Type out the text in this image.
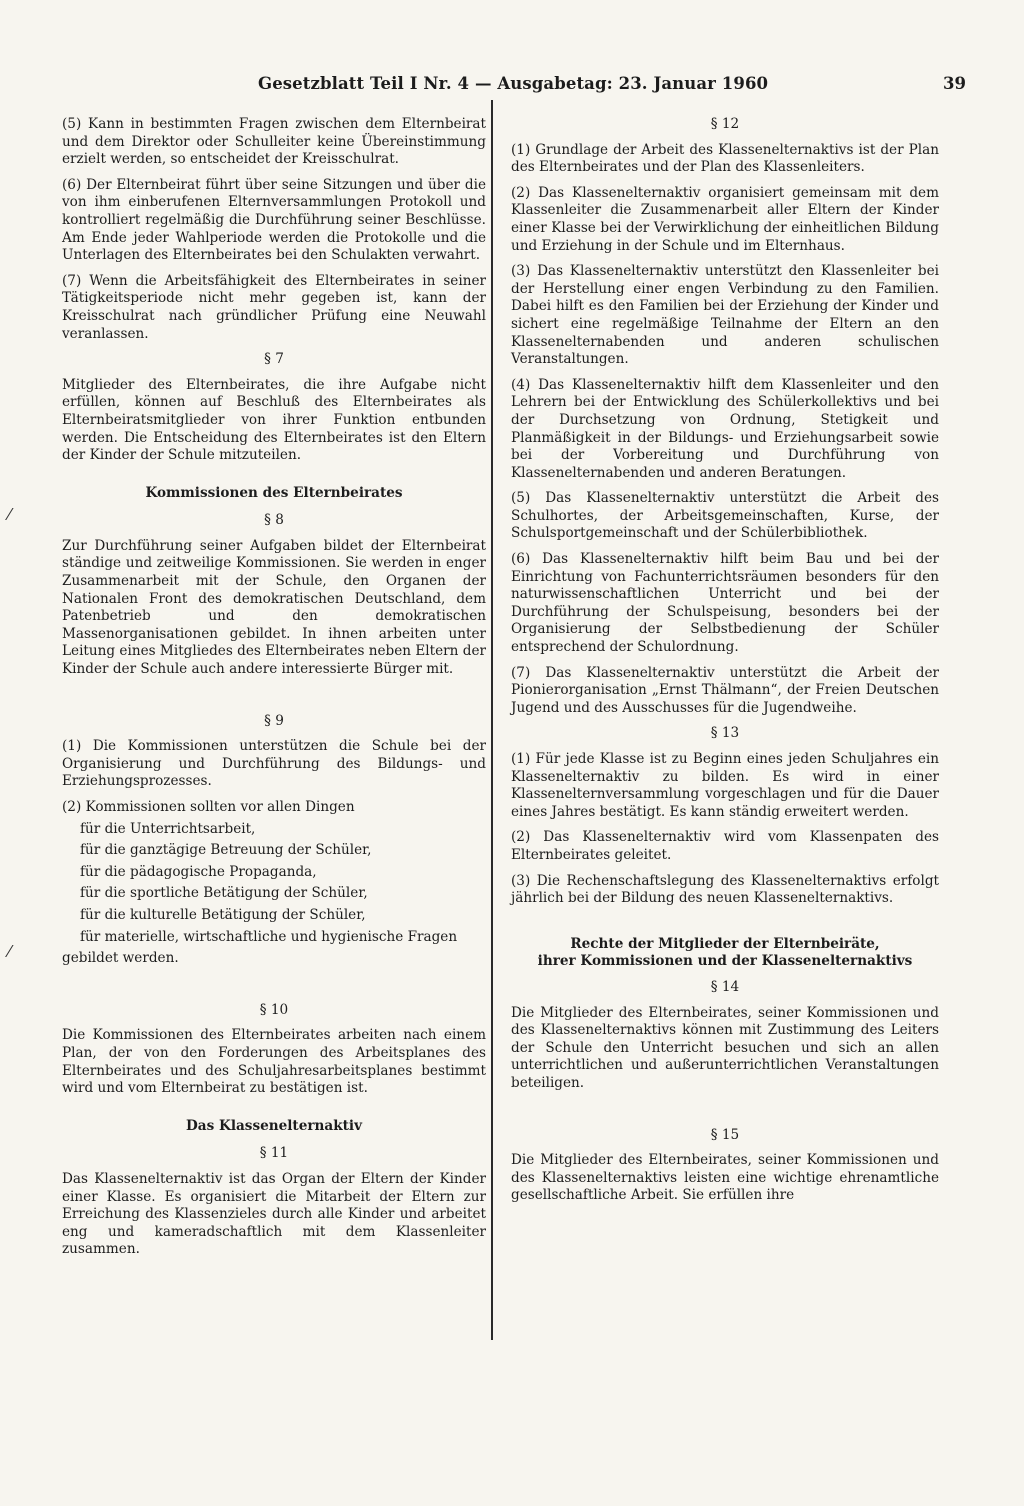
Gesetzblatt Teil I Nr. 4 — Ausgabetag: 23. Januar 1960	39
⁄
⁄

(5) Kann in bestimmten Fragen zwischen dem Elternbeirat und dem Direktor oder Schulleiter keine Übereinstimmung erzielt werden, so entscheidet der Kreisschulrat.

(6) Der Elternbeirat führt über seine Sitzungen und über die von ihm einberufenen Elternversammlungen Protokoll und kontrolliert regelmäßig die Durchführung seiner Beschlüsse. Am Ende jeder Wahlperiode werden die Protokolle und die Unterlagen des Elternbeirates bei den Schulakten verwahrt.

(7) Wenn die Arbeitsfähigkeit des Elternbeirates in seiner Tätigkeitsperiode nicht mehr gegeben ist, kann der Kreisschulrat nach gründlicher Prüfung eine Neuwahl veranlassen.

§ 7

Mitglieder des Elternbeirates, die ihre Aufgabe nicht erfüllen, können auf Beschluß des Elternbeirates als Elternbeiratsmitglieder von ihrer Funktion entbunden werden. Die Entscheidung des Elternbeirates ist den Eltern der Kinder der Schule mitzuteilen.

Kommissionen des Elternbeirates
§ 8

Zur Durchführung seiner Aufgaben bildet der Elternbeirat ständige und zeitweilige Kommissionen. Sie werden in enger Zusammenarbeit mit der Schule, den Organen der Nationalen Front des demokratischen Deutschland, dem Patenbetrieb und den demokratischen Massenorganisationen gebildet. In ihnen arbeiten unter Leitung eines Mitgliedes des Elternbeirates neben Eltern der Kinder der Schule auch andere interessierte Bürger mit.

§ 9

(1) Die Kommissionen unterstützen die Schule bei der Organisierung und Durchführung des Bildungs- und Erziehungsprozesses.

(2) Kommissionen sollten vor allen Dingen

für die Unterrichtsarbeit,
für die ganztägige Betreuung der Schüler,
für die pädagogische Propaganda,
für die sportliche Betätigung der Schüler,
für die kulturelle Betätigung der Schüler,
für materielle, wirtschaftliche und hygienische Fragen

gebildet werden.

§ 10

Die Kommissionen des Elternbeirates arbeiten nach einem Plan, der von den Forderungen des Arbeitsplanes des Elternbeirates und des Schuljahresarbeitsplanes bestimmt wird und vom Elternbeirat zu bestätigen ist.

Das Klassenelternaktiv
§ 11

Das Klassenelternaktiv ist das Organ der Eltern der Kinder einer Klasse. Es organisiert die Mitarbeit der Eltern zur Erreichung des Klassenzieles durch alle Kinder und arbeitet eng und kameradschaftlich mit dem Klassenleiter zusammen.

§ 12

(1) Grundlage der Arbeit des Klassenelternaktivs ist der Plan des Elternbeirates und der Plan des Klassenleiters.

(2) Das Klassenelternaktiv organisiert gemeinsam mit dem Klassenleiter die Zusammenarbeit aller Eltern der Kinder einer Klasse bei der Verwirklichung der einheitlichen Bildung und Erziehung in der Schule und im Elternhaus.

(3) Das Klassenelternaktiv unterstützt den Klassenleiter bei der Herstellung einer engen Verbindung zu den Familien. Dabei hilft es den Familien bei der Erziehung der Kinder und sichert eine regelmäßige Teilnahme der Eltern an den Klassenelternabenden und anderen schulischen Veranstaltungen.

(4) Das Klassenelternaktiv hilft dem Klassenleiter und den Lehrern bei der Entwicklung des Schülerkollektivs und bei der Durchsetzung von Ordnung, Stetigkeit und Planmäßigkeit in der Bildungs- und Erziehungsarbeit sowie bei der Vorbereitung und Durchführung von Klassenelternabenden und anderen Beratungen.

(5) Das Klassenelternaktiv unterstützt die Arbeit des Schulhortes, der Arbeitsgemeinschaften, Kurse, der Schulsportgemeinschaft und der Schülerbibliothek.

(6) Das Klassenelternaktiv hilft beim Bau und bei der Einrichtung von Fachunterrichtsräumen besonders für den naturwissenschaftlichen Unterricht und bei der Durchführung der Schulspeisung, besonders bei der Organisierung der Selbstbedienung der Schüler entsprechend der Schulordnung.

(7) Das Klassenelternaktiv unterstützt die Arbeit der Pionierorganisation „Ernst Thälmann“, der Freien Deutschen Jugend und des Ausschusses für die Jugendweihe.

§ 13

(1) Für jede Klasse ist zu Beginn eines jeden Schuljahres ein Klassenelternaktiv zu bilden. Es wird in einer Klassenelternversammlung vorgeschlagen und für die Dauer eines Jahres bestätigt. Es kann ständig erweitert werden.

(2) Das Klassenelternaktiv wird vom Klassenpaten des Elternbeirates geleitet.

(3) Die Rechenschaftslegung des Klassenelternaktivs erfolgt jährlich bei der Bildung des neuen Klassenelternaktivs.

Rechte der Mitglieder der Elternbeiräte,
ihrer Kommissionen und der Klassenelternaktivs
§ 14

Die Mitglieder des Elternbeirates, seiner Kommissionen und des Klassenelternaktivs können mit Zustimmung des Leiters der Schule den Unterricht besuchen und sich an allen unterrichtlichen und außerunterrichtlichen Veranstaltungen beteiligen.

§ 15

Die Mitglieder des Elternbeirates, seiner Kommissionen und des Klassenelternaktivs leisten eine wichtige ehrenamtliche gesellschaftliche Arbeit. Sie erfüllen ihre
